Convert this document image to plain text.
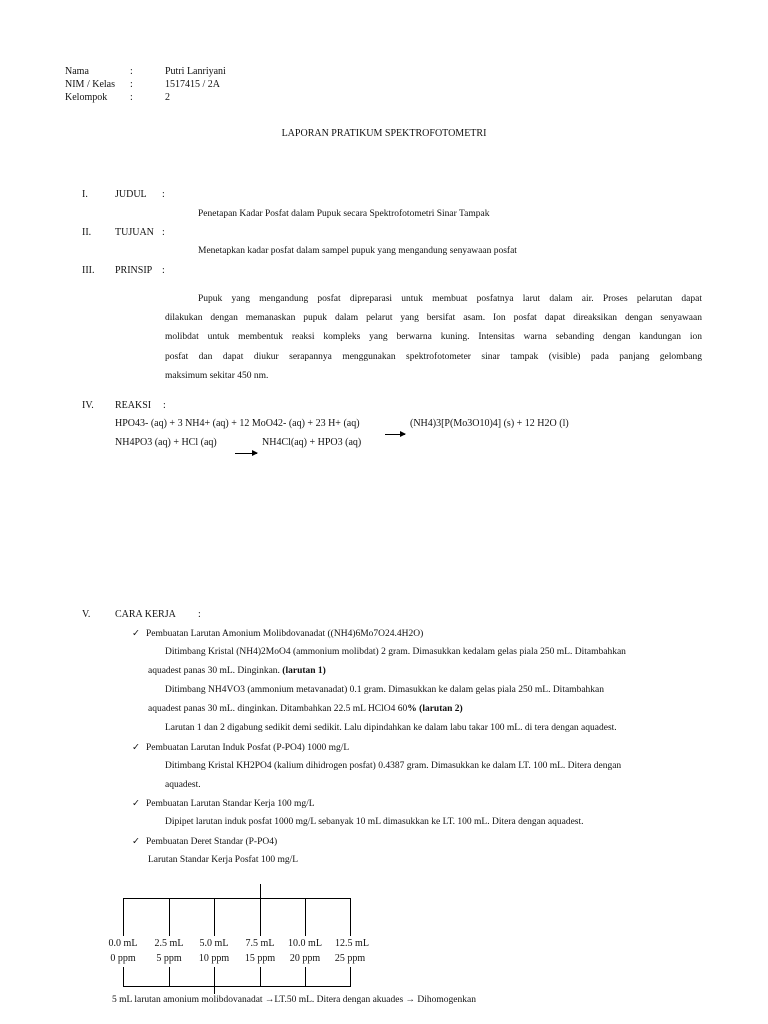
Nama	:	Putri Lanriyani
NIM / Kelas :	1517415 / 2A
Kelompok :	2
LAPORAN PRATIKUM SPEKTROFOTOMETRI
I.	JUDUL :
Penetapan Kadar Posfat dalam Pupuk secara Spektrofotometri Sinar Tampak
II. TUJUAN :
Menetapkan kadar posfat dalam sampel pupuk yang mengandung senyawaan posfat
III. PRINSIP :
Pupuk yang mengandung posfat dipreparasi untuk membuat posfatnya larut dalam air. Proses pelarutan dapat
dilakukan dengan memanaskan pupuk dalam pelarut yang bersifat asam. Ion posfat dapat direaksikan dengan senyawaan
molibdat untuk membentuk reaksi kompleks yang berwarna kuning. Intensitas warna sebanding dengan kandungan ion
posfat dan dapat diukur serapannya menggunakan spektrofotometer sinar tampak (visible) pada panjang gelombang
maksimum sekitar 450 nm.
IV. REAKSI :
HPO43- (aq) + 3 NH4+ (aq) + 12 MoO42- (aq) + 23 H+ (aq)	(NH4)3[P(Mo3O10)4] (s) + 12 H2O (l)
NH4PO3 (aq) + HCl (aq)	NH4Cl(aq) + HPO3 (aq)
V. CARA KERJA :
✓ Pembuatan Larutan Amonium Molibdovanadat ((NH4)6Mo7O24.4H2O)
Ditimbang Kristal (NH4)2MoO4 (ammonium molibdat) 2 gram. Dimasukkan kedalam gelas piala 250 mL. Ditambahkan
aquadest panas 30 mL. Dinginkan. (larutan 1)
Ditimbang NH4VO3 (ammonium metavanadat) 0.1 gram. Dimasukkan ke dalam gelas piala 250 mL. Ditambahkan
aquadest panas 30 mL. dinginkan. Ditambahkan 22.5 mL HClO4 60% (larutan 2)
Larutan 1 dan 2 digabung sedikit demi sedikit. Lalu dipindahkan ke dalam labu takar 100 mL. di tera dengan aquadest.
✓ Pembuatan Larutan Induk Posfat (P-PO4) 1000 mg/L
Ditimbang Kristal KH2PO4 (kalium dihidrogen posfat) 0.4387 gram. Dimasukkan ke dalam LT. 100 mL. Ditera dengan
aquadest.
✓ Pembuatan Larutan Standar Kerja 100 mg/L
Dipipet larutan induk posfat 1000 mg/L sebanyak 10 mL dimasukkan ke LT. 100 mL. Ditera dengan aquadest.
✓ Pembuatan Deret Standar (P-PO4)
Larutan Standar Kerja Posfat 100 mg/L
0.0 mL	2.5 mL	5.0 mL	7.5 mL	10.0 mL	12.5 mL
0 ppm	5 ppm	10 ppm	15 ppm	20 ppm	25 ppm
5 mL larutan amonium molibdovanadat →LT.50 mL. Ditera dengan akuades → Dihomogenkan
